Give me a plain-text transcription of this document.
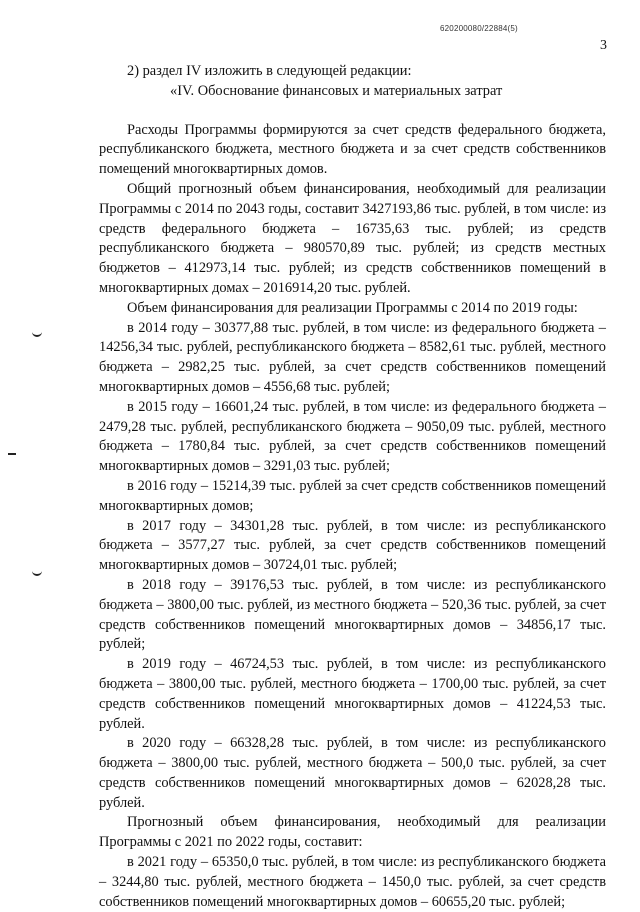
620200080/22884(5)
3

2) раздел IV изложить в следующей редакции:

«IV. Обоснование финансовых и материальных затрат

Расходы Программы формируются за счет средств федерального бюджета, республиканского бюджета, местного бюджета и за счет средств собственников помещений многоквартирных домов.

Общий прогнозный объем финансирования, необходимый для реализации Программы с 2014 по 2043 годы, составит 3427193,86 тыс. рублей, в том числе: из средств федерального бюджета – 16735,63 тыс. рублей; из средств республиканского бюджета – 980570,89 тыс. рублей; из средств местных бюджетов – 412973,14 тыс. рублей; из средств собственников помещений в многоквартирных домах – 2016914,20 тыс. рублей.

Объем финансирования для реализации Программы с 2014 по 2019 годы:

в 2014 году – 30377,88 тыс. рублей, в том числе: из федерального бюджета – 14256,34 тыс. рублей, республиканского бюджета – 8582,61 тыс. рублей, местного бюджета – 2982,25 тыс. рублей, за счет средств собственников помещений многоквартирных домов – 4556,68 тыс. рублей;

в 2015 году – 16601,24 тыс. рублей, в том числе: из федерального бюджета – 2479,28 тыс. рублей, республиканского бюджета – 9050,09 тыс. рублей, местного бюджета – 1780,84 тыс. рублей, за счет средств собственников помещений многоквартирных домов – 3291,03 тыс. рублей;

в 2016 году – 15214,39 тыс. рублей за счет средств собственников помещений многоквартирных домов;

в 2017 году – 34301,28 тыс. рублей, в том числе: из республиканского бюджета – 3577,27 тыс. рублей, за счет средств собственников помещений многоквартирных домов – 30724,01 тыс. рублей;

в 2018 году – 39176,53 тыс. рублей, в том числе: из республиканского бюджета – 3800,00 тыс. рублей, из местного бюджета – 520,36 тыс. рублей, за счет средств собственников помещений многоквартирных домов – 34856,17 тыс. рублей;

в 2019 году – 46724,53 тыс. рублей, в том числе: из республиканского бюджета – 3800,00 тыс. рублей, местного бюджета – 1700,00 тыс. рублей, за счет средств собственников помещений многоквартирных домов – 41224,53 тыс. рублей.

в 2020 году – 66328,28 тыс. рублей, в том числе: из республиканского бюджета – 3800,00 тыс. рублей, местного бюджета – 500,0 тыс. рублей, за счет средств собственников помещений многоквартирных домов – 62028,28 тыс. рублей.

Прогнозный объем финансирования, необходимый для реализации Программы с 2021 по 2022 годы, составит:

в 2021 году – 65350,0 тыс. рублей, в том числе: из республиканского бюджета – 3244,80 тыс. рублей, местного бюджета – 1450,0 тыс. рублей, за счет средств собственников помещений многоквартирных домов – 60655,20 тыс. рублей;
